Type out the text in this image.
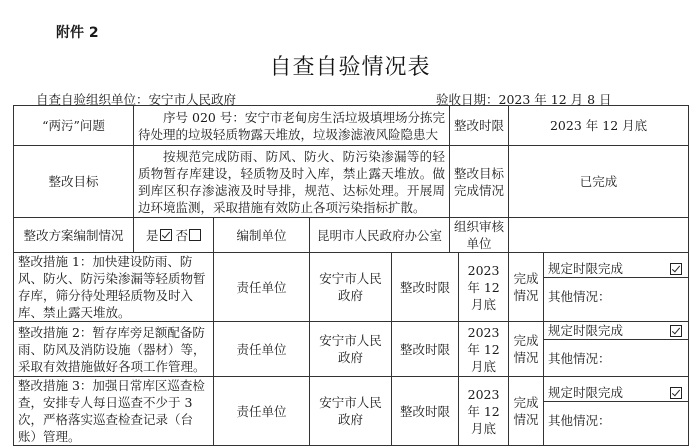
附件 2
自查自验情况表
自查自验组织单位：安宁市人民政府	验收日期：2023 年 12 月 8 日
“两污”问题	序号 020 号：安宁市老甸房生活垃圾填埋场分拣完待处理的垃圾轻质物露天堆放，垃圾渗滤液风险隐患大				整改时限		2023 年 12 月底	
整改目标	按规范完成防雨、防风、防火、防污染渗漏等的轻质物暂存库建设，轻质物及时入库，禁止露天堆放。做到库区积存渗滤液及时导排，规范、达标处理。开展周边环境监测，采取措施有效防止各项污染指标扩散。				整改目标完成情况		已完成	
整改方案编制情况	是 否	编制单位	昆明市人民政府办公室		组织审核单位			
整改措施 1：加快建设防雨、防风、防火、防污染渗漏等轻质物暂存库，筛分待处理轻质物及时入库、禁止露天堆放。		责任单位	安宁市人民政府	整改时限		2023 年 12 月底	完成情况	规定时限完成
其他情况：

整改措施 2：暂存库旁足额配备防雨、防风及消防设施（器材）等，采取有效措施做好各项工作管理。		责任单位	安宁市人民政府	整改时限		2023 年 12 月底	完成情况	规定时限完成
其他情况：

整改措施 3：加强日常库区巡查检查，安排专人每日巡查不少于 3 次，严格落实巡查检查记录（台账）管理。		责任单位	安宁市人民政府	整改时限		2023 年 12 月底	完成情况	规定时限完成
其他情况：
